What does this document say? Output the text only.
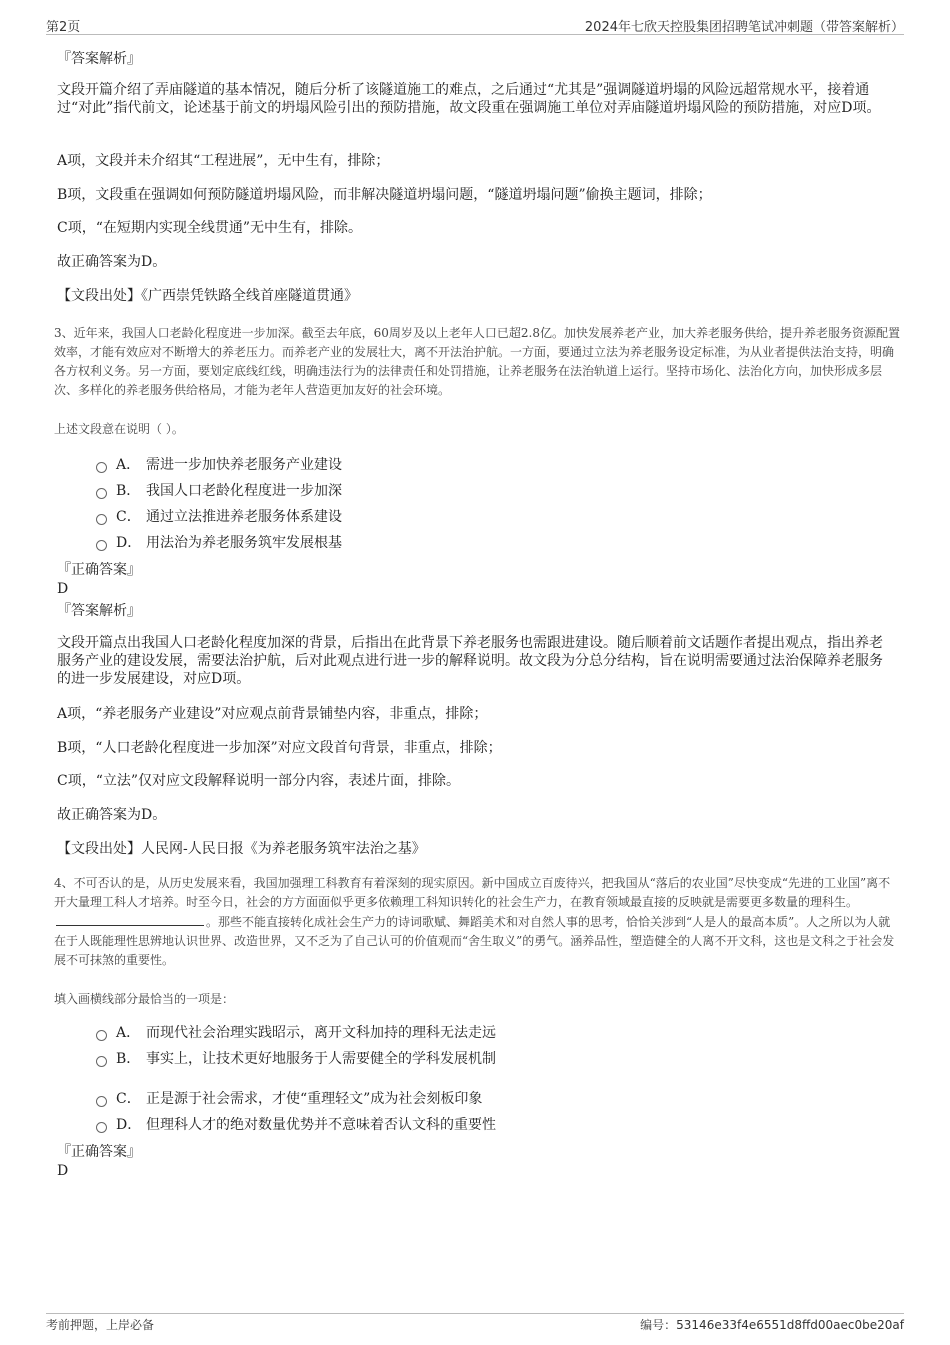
第2页	2024年七欣天控股集团招聘笔试冲刺题（带答案解析）
『答案解析』
文段开篇介绍了弄庙隧道的基本情况，随后分析了该隧道施工的难点，之后通过“尤其是”强调隧道坍塌的风险远超常规水平，接着通过“对此”指代前文，论述基于前文的坍塌风险引出的预防措施，故文段重在强调施工单位对弄庙隧道坍塌风险的预防措施，对应D项。
A项，文段并未介绍其“工程进展”，无中生有，排除；
B项，文段重在强调如何预防隧道坍塌风险，而非解决隧道坍塌问题，“隧道坍塌问题”偷换主题词，排除；
C项，“在短期内实现全线贯通”无中生有，排除。
故正确答案为D。
【文段出处】《广西崇凭铁路全线首座隧道贯通》
3、近年来，我国人口老龄化程度进一步加深。截至去年底，60周岁及以上老年人口已超2.8亿。加快发展养老产业，加大养老服务供给，提升养老服务资源配置效率，才能有效应对不断增大的养老压力。而养老产业的发展壮大，离不开法治护航。一方面，要通过立法为养老服务设定标准，为从业者提供法治支持，明确各方权利义务。另一方面，要划定底线红线，明确违法行为的法律责任和处罚措施，让养老服务在法治轨道上运行。坚持市场化、法治化方向，加快形成多层次、多样化的养老服务供给格局，才能为老年人营造更加友好的社会环境。
上述文段意在说明（ ）。
A． 需进一步加快养老服务产业建设
B． 我国人口老龄化程度进一步加深
C． 通过立法推进养老服务体系建设
D． 用法治为养老服务筑牢发展根基
『正确答案』
D
『答案解析』
文段开篇点出我国人口老龄化程度加深的背景，后指出在此背景下养老服务也需跟进建设。随后顺着前文话题作者提出观点，指出养老服务产业的建设发展，需要法治护航，后对此观点进行进一步的解释说明。故文段为分总分结构，旨在说明需要通过法治保障养老服务的进一步发展建设，对应D项。
A项，“养老服务产业建设”对应观点前背景铺垫内容，非重点，排除；
B项，“人口老龄化程度进一步加深”对应文段首句背景，非重点，排除；
C项，“立法”仅对应文段解释说明一部分内容，表述片面，排除。
故正确答案为D。
【文段出处】人民网-人民日报《为养老服务筑牢法治之基》
4、不可否认的是，从历史发展来看，我国加强理工科教育有着深刻的现实原因。新中国成立百废待兴，把我国从“落后的农业国”尽快变成“先进的工业国”离不开大量理工科人才培养。时至今日，社会的方方面面似乎更多依赖理工科知识转化的社会生产力，在教育领域最直接的反映就是需要更多数量的理科生。。那些不能直接转化成社会生产力的诗词歌赋、舞蹈美术和对自然人事的思考，恰恰关涉到“人是人的最高本质”。人之所以为人就在于人既能理性思辨地认识世界、改造世界，又不乏为了自己认可的价值观而“舍生取义”的勇气。涵养品性，塑造健全的人离不开文科，这也是文科之于社会发展不可抹煞的重要性。
填入画横线部分最恰当的一项是：
A． 而现代社会治理实践昭示，离开文科加持的理科无法走远
B． 事实上，让技术更好地服务于人需要健全的学科发展机制
C． 正是源于社会需求，才使“重理轻文”成为社会刻板印象
D． 但理科人才的绝对数量优势并不意味着否认文科的重要性
『正确答案』
D
考前押题，上岸必备	编号：53146e33f4e6551d8ffd00aec0be20af
